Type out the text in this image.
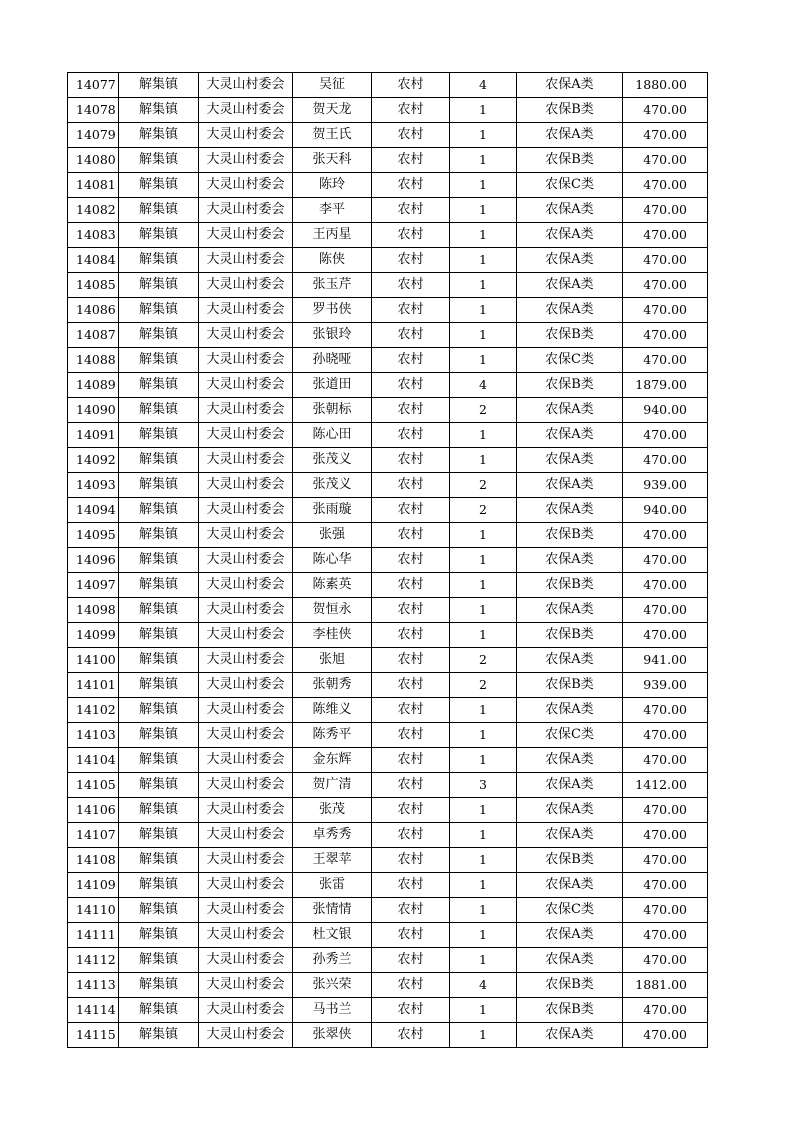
14077	解集镇	大灵山村委会	吴征	农村	4	农保A类	1880.00
14078	解集镇	大灵山村委会	贺天龙	农村	1	农保B类	470.00
14079	解集镇	大灵山村委会	贺王氏	农村	1	农保A类	470.00
14080	解集镇	大灵山村委会	张天科	农村	1	农保B类	470.00
14081	解集镇	大灵山村委会	陈玲	农村	1	农保C类	470.00
14082	解集镇	大灵山村委会	李平	农村	1	农保A类	470.00
14083	解集镇	大灵山村委会	王丙星	农村	1	农保A类	470.00
14084	解集镇	大灵山村委会	陈侠	农村	1	农保A类	470.00
14085	解集镇	大灵山村委会	张玉芹	农村	1	农保A类	470.00
14086	解集镇	大灵山村委会	罗书侠	农村	1	农保A类	470.00
14087	解集镇	大灵山村委会	张银玲	农村	1	农保B类	470.00
14088	解集镇	大灵山村委会	孙晓哑	农村	1	农保C类	470.00
14089	解集镇	大灵山村委会	张道田	农村	4	农保B类	1879.00
14090	解集镇	大灵山村委会	张朝标	农村	2	农保A类	940.00
14091	解集镇	大灵山村委会	陈心田	农村	1	农保A类	470.00
14092	解集镇	大灵山村委会	张茂义	农村	1	农保A类	470.00
14093	解集镇	大灵山村委会	张茂义	农村	2	农保A类	939.00
14094	解集镇	大灵山村委会	张雨璇	农村	2	农保A类	940.00
14095	解集镇	大灵山村委会	张强	农村	1	农保B类	470.00
14096	解集镇	大灵山村委会	陈心华	农村	1	农保A类	470.00
14097	解集镇	大灵山村委会	陈素英	农村	1	农保B类	470.00
14098	解集镇	大灵山村委会	贺恒永	农村	1	农保A类	470.00
14099	解集镇	大灵山村委会	李桂侠	农村	1	农保B类	470.00
14100	解集镇	大灵山村委会	张旭	农村	2	农保A类	941.00
14101	解集镇	大灵山村委会	张朝秀	农村	2	农保B类	939.00
14102	解集镇	大灵山村委会	陈维义	农村	1	农保A类	470.00
14103	解集镇	大灵山村委会	陈秀平	农村	1	农保C类	470.00
14104	解集镇	大灵山村委会	金东辉	农村	1	农保A类	470.00
14105	解集镇	大灵山村委会	贺广清	农村	3	农保A类	1412.00
14106	解集镇	大灵山村委会	张茂	农村	1	农保A类	470.00
14107	解集镇	大灵山村委会	卓秀秀	农村	1	农保A类	470.00
14108	解集镇	大灵山村委会	王翠苹	农村	1	农保B类	470.00
14109	解集镇	大灵山村委会	张雷	农村	1	农保A类	470.00
14110	解集镇	大灵山村委会	张情情	农村	1	农保C类	470.00
14111	解集镇	大灵山村委会	杜文银	农村	1	农保A类	470.00
14112	解集镇	大灵山村委会	孙秀兰	农村	1	农保A类	470.00
14113	解集镇	大灵山村委会	张兴荣	农村	4	农保B类	1881.00
14114	解集镇	大灵山村委会	马书兰	农村	1	农保B类	470.00
14115	解集镇	大灵山村委会	张翠侠	农村	1	农保A类	470.00
